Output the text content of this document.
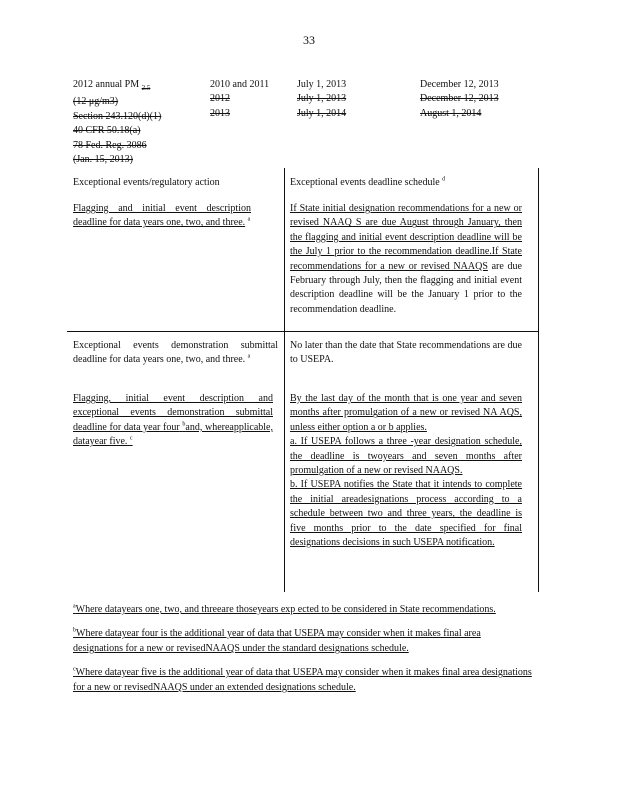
33
2012 annual PM $_{2.5}$
(12 μg/m3)
Section 243.120(d)(1)
40 CFR 50.18(a)
78 Fed. Reg. 3086
(Jan. 15, 2013)
2010 and 2011
2012
2013
July 1, 2013
July 1, 2013
July 1, 2014
December 12, 2013
December 12, 2013
August 1, 2014
Exceptional events/regulatory action	Exceptional events deadline schedule $^d$
Flagging and initial event description deadline for data years one, two, and three. $^a$
If State initial designation recommendations for a new or revised NAAQ S are due August through January, then the flagging and initial event description deadline will be the July 1 prior to the recommendation deadline.If State recommendations for a new or revised NAAQS are due February through July, then the flagging and initial event description deadline will be the January 1 prior to the recommendation deadline.
Exceptional events demonstration submittal deadline for data years one, two, and three. $^a$
No later than the date that State recommendations are due to USEPA.
Flagging, initial event description and exceptional events demonstration submittal deadline for data year four $^b$and, whereapplicable, datayear five. $^c$
By the last day of the month that is one year and seven months after promulgation of a new or revised NA AQS, unless either option a or b applies.
a. If USEPA follows a three -year designation schedule, the deadline is twoyears and seven months after promulgation of a new or revised NAAQS.
b. If USEPA notifies the State that it intends to complete the initial areadesignations process according to a schedule between two and three years, the deadline is five months prior to the date specified for final designations decisions in such USEPA notification.

$^a$Where datayears one, two, and threeare thoseyears exp ected to be considered in State recommendations.

$^b$Where datayear four is the additional year of data that USEPA may consider when it makes final area designations for a new or revisedNAAQS under the standard designations schedule.

$^c$Where datayear five is the additional year of data that USEPA may consider when it makes final area designations for a new or revisedNAAQS under an extended designations schedule.
